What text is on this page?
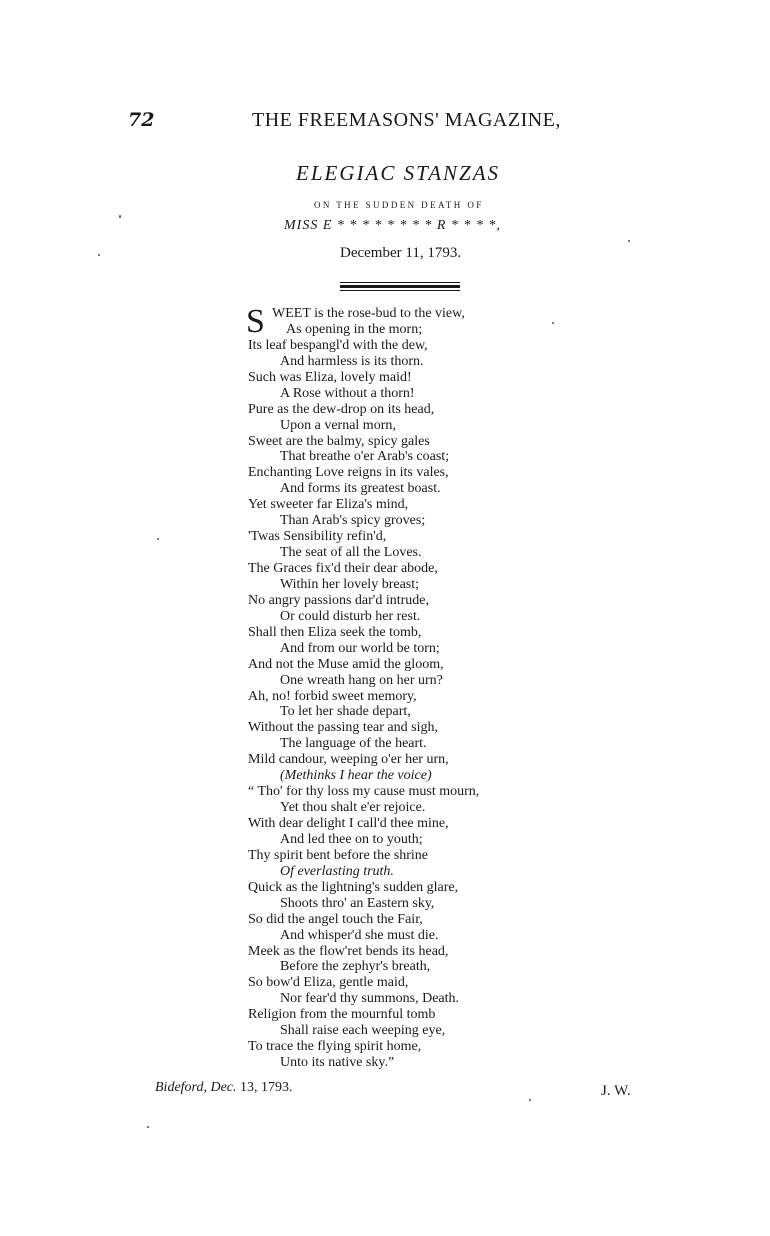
72	THE FREEMASONS' MAGAZINE,
ELEGIAC STANZAS
ON THE SUDDEN DEATH OF
MISS E * * * * * * * * R * * * *,
December 11, 1793.
S WEET is the rose-bud to the view,
As opening in the morn;
Its leaf bespangl'd with the dew,
And harmless is its thorn.
Such was Eliza, lovely maid!
A Rose without a thorn!
Pure as the dew-drop on its head,
Upon a vernal morn,
Sweet are the balmy, spicy gales
That breathe o'er Arab's coast;
Enchanting Love reigns in its vales,
And forms its greatest boast.
Yet sweeter far Eliza's mind,
Than Arab's spicy groves;
'Twas Sensibility refin'd,
The seat of all the Loves.
The Graces fix'd their dear abode,
Within her lovely breast;
No angry passions dar'd intrude,
Or could disturb her rest.
Shall then Eliza seek the tomb,
And from our world be torn;
And not the Muse amid the gloom,
One wreath hang on her urn?
Ah, no! forbid sweet memory,
To let her shade depart,
Without the passing tear and sigh,
The language of the heart.
Mild candour, weeping o'er her urn,
(Methinks I hear the voice)
“ Tho' for thy loss my cause must mourn,
Yet thou shalt e'er rejoice.
With dear delight I call'd thee mine,
And led thee on to youth;
Thy spirit bent before the shrine
Of everlasting truth.
Quick as the lightning's sudden glare,
Shoots thro' an Eastern sky,
So did the angel touch the Fair,
And whisper'd she must die.
Meek as the flow'ret bends its head,
Before the zephyr's breath,
So bow'd Eliza, gentle maid,
Nor fear'd thy summons, Death.
Religion from the mournful tomb
Shall raise each weeping eye,
To trace the flying spirit home,
Unto its native sky.”
Bideford, Dec. 13, 1793.	J. W.
